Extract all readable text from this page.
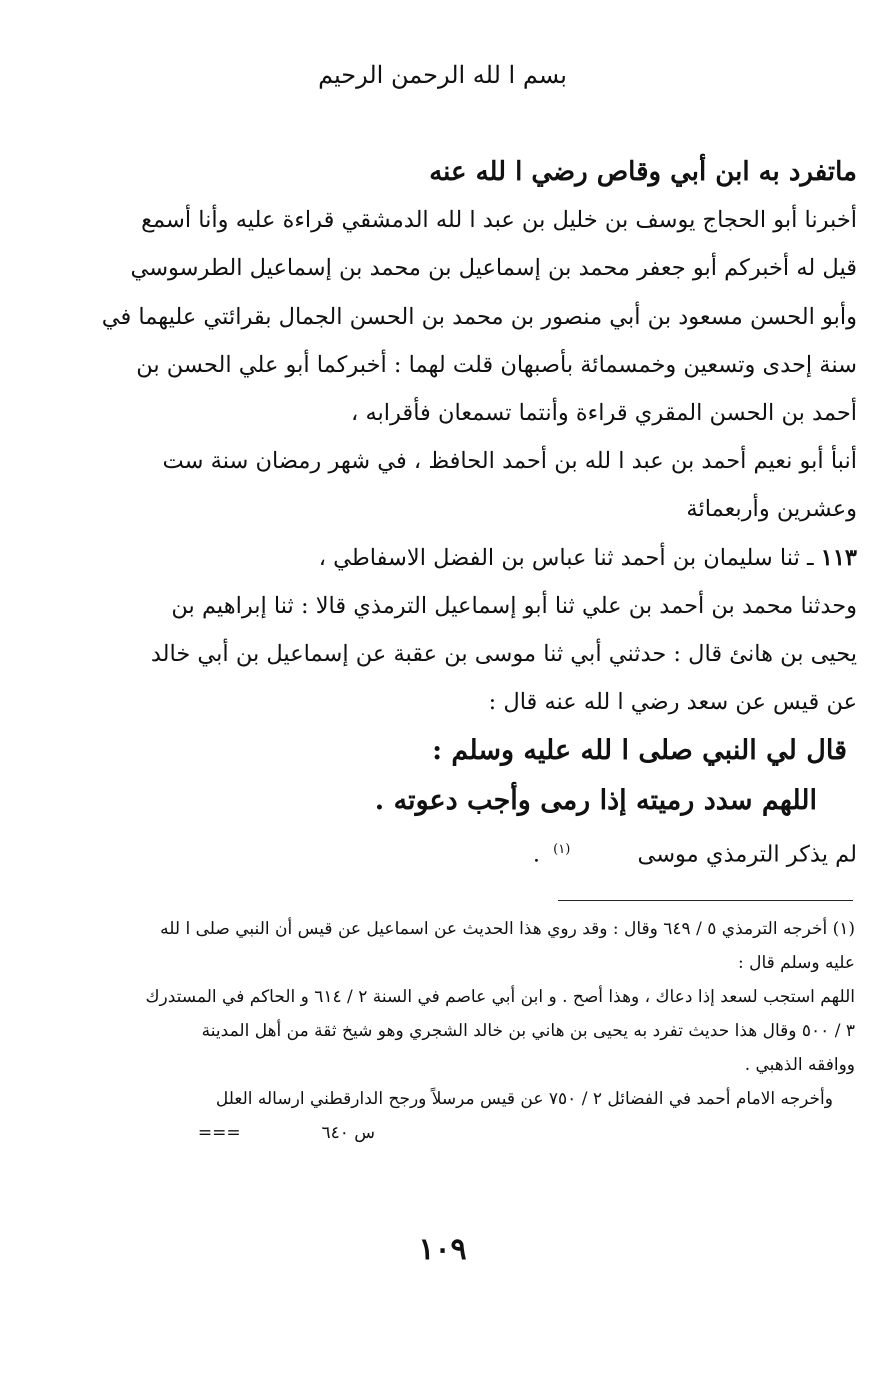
بسم ا لله الرحمن الرحيم
ماتفرد به ابن أبي وقاص رضي ا لله عنه
أخبرنا أبو الحجاج يوسف بن خليل بن عبد ا لله الدمشقي قراءة عليه وأنا أسمع
قيل له أخبركم أبو جعفر محمد بن إسماعيل بن محمد بن إسماعيل الطرسوسي
وأبو الحسن مسعود بن أبي منصور بن محمد بن الحسن الجمال بقرائتي عليهما في
سنة إحدى وتسعين وخمسمائة بأصبهان قلت لهما : أخبركما أبو علي الحسن بن
أحمد بن الحسن المقري قراءة وأنتما تسمعان فأقرابه ،
أنبأ أبو نعيم أحمد بن عبد ا لله بن أحمد الحافظ ، في شهر رمضان سنة ست
وعشرين وأربعمائة
١١٣ ـ ثنا سليمان بن أحمد ثنا عباس بن الفضل الاسفاطي ،
وحدثنا محمد بن أحمد بن علي ثنا أبو إسماعيل الترمذي قالا : ثنا إبراهيم بن
يحيى بن هانئ قال : حدثني أبي ثنا موسى بن عقبة عن إسماعيل بن أبي خالد
عن قيس عن سعد رضي ا لله عنه قال :
قال لي النبي صلى ا لله عليه وسلم :
اللهم سدد رميته إذا رمى وأجب دعوته .
لم يذكر الترمذي موسى $^{(١)}$ .
(١) أخرجه الترمذي ٥ / ٦٤٩ وقال : وقد روي هذا الحديث عن اسماعيل عن قيس أن النبي صلى ا لله
عليه وسلم قال :
اللهم استجب لسعد إذا دعاك ، وهذا أصح . و ابن أبي عاصم في السنة ٢ / ٦١٤ و الحاكم في المستدرك
٣ / ٥٠٠ وقال هذا حديث تفرد به يحيى بن هاني بن خالد الشجري وهو شيخ ثقة من أهل المدينة
ووافقه الذهبي .
وأخرجه الامام أحمد في الفضائل ٢ / ٧٥٠ عن قيس مرسلاً ورجح الدارقطني ارساله العلل
س ٦٤٠  ===
١٠٩
